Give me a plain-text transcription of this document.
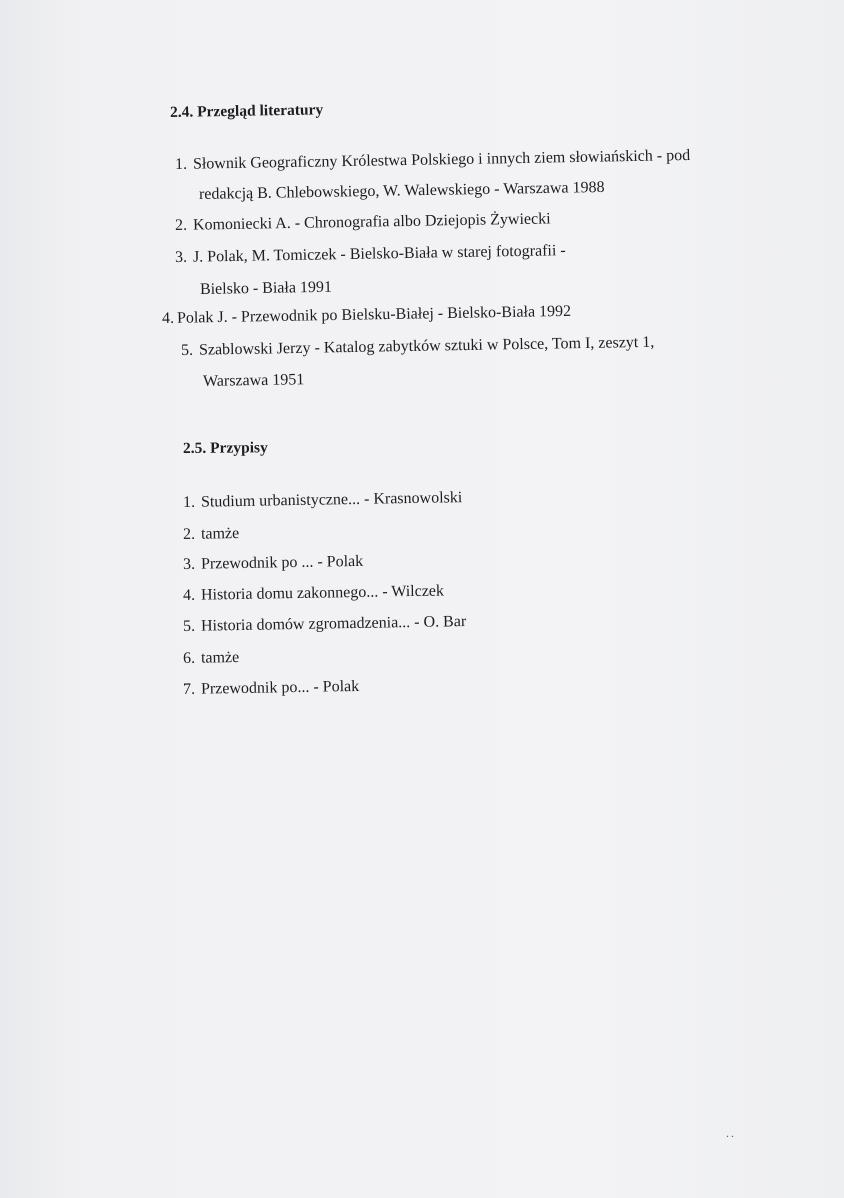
2.4. Przegląd literatury
1. Słownik Geograficzny Królestwa Polskiego i innych ziem słowiańskich - pod
redakcją B. Chlebowskiego, W. Walewskiego - Warszawa 1988
2. Komoniecki A. - Chronografia albo Dziejopis Żywiecki
3. J. Polak, M. Tomiczek - Bielsko-Biała w starej fotografii -
Bielsko - Biała 1991
4. Polak J. - Przewodnik po Bielsku-Białej - Bielsko-Biała 1992
5. Szablowski Jerzy - Katalog zabytków sztuki w Polsce, Tom I, zeszyt 1,
Warszawa 1951
2.5. Przypisy
1. Studium urbanistyczne... - Krasnowolski
2. tamże
3. Przewodnik po ... - Polak
4. Historia domu zakonnego... - Wilczek
5. Historia domów zgromadzenia... - O. Bar
6. tamże
7. Przewodnik po... - Polak
..
